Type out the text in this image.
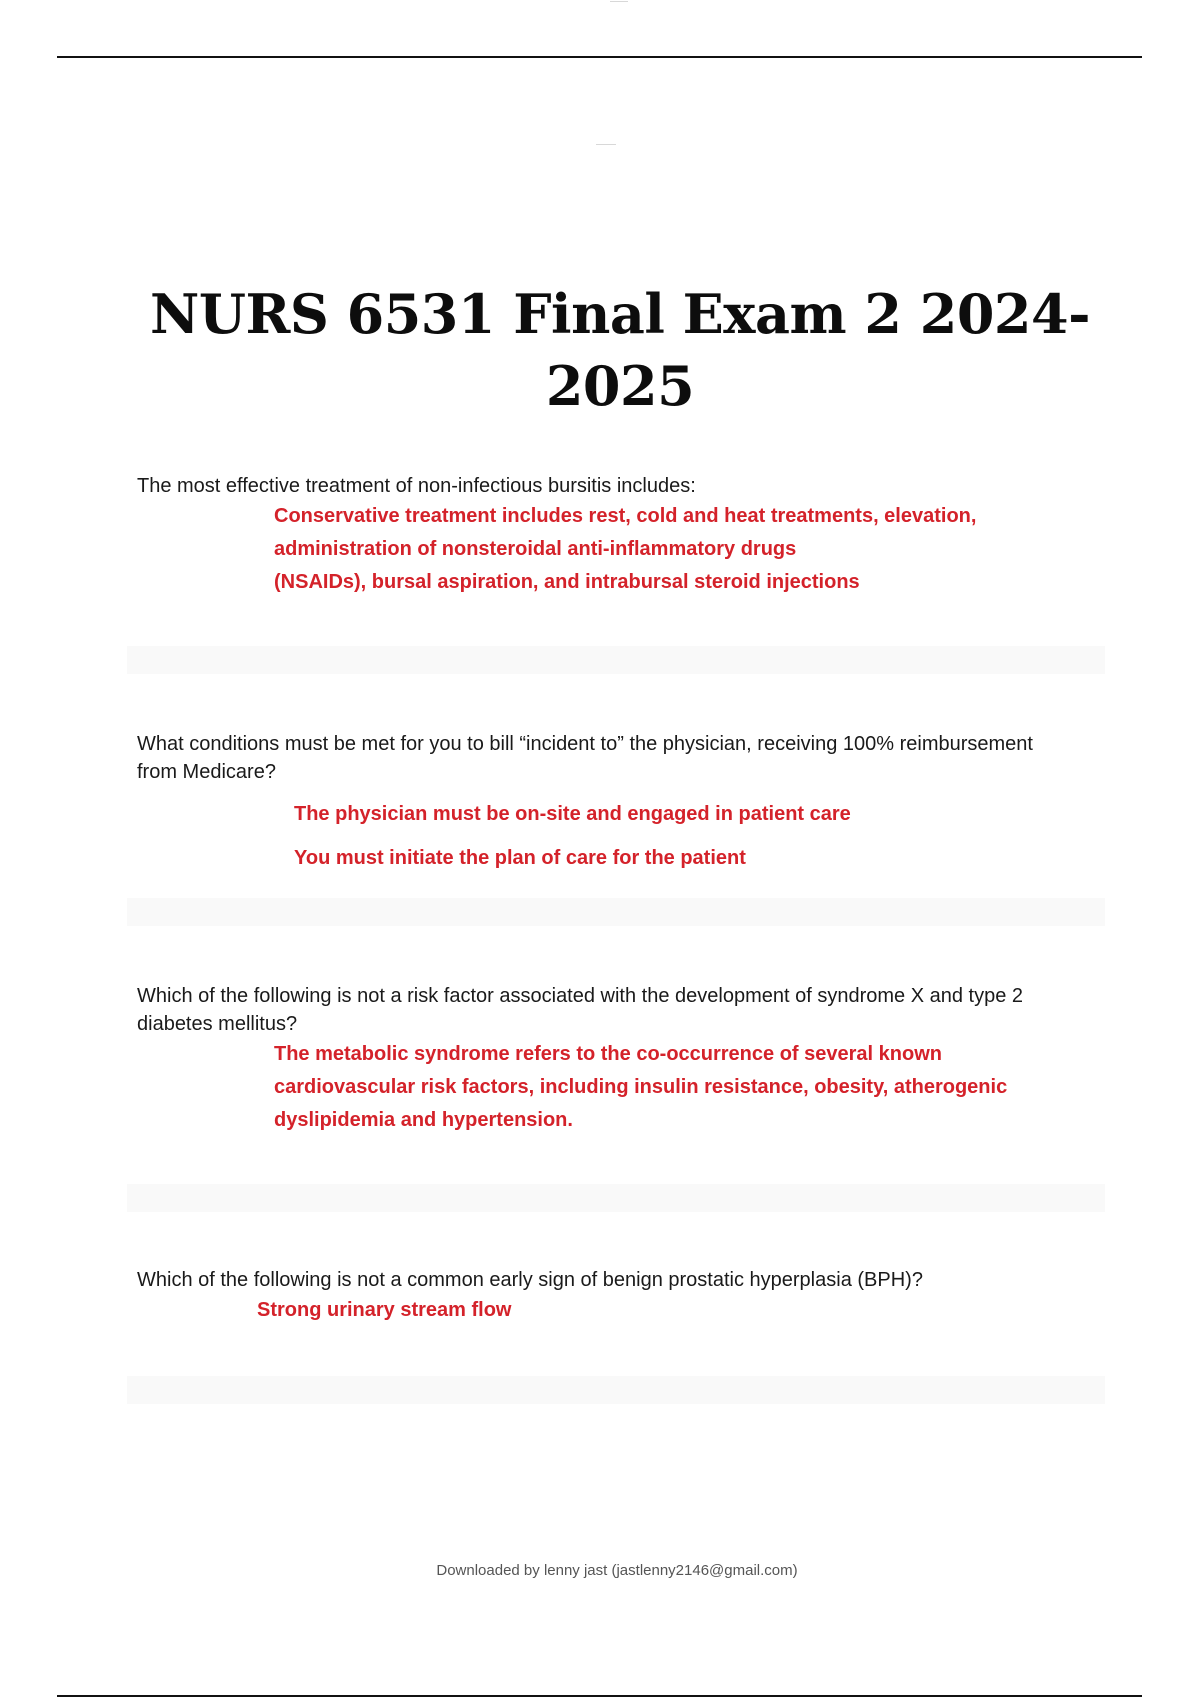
NURS 6531 Final Exam 2 2024-
2025

The most effective treatment of non-infectious bursitis includes:

Conservative treatment includes rest, cold and heat treatments, elevation,
administration of nonsteroidal anti-inflammatory drugs
(NSAIDs), bursal aspiration, and intrabursal steroid injections

What conditions must be met for you to bill “incident to” the physician, receiving 100% reimbursement from Medicare?

The physician must be on-site and engaged in patient care
You must initiate the plan of care for the patient

Which of the following is not a risk factor associated with the development of syndrome X and type 2 diabetes mellitus?

The metabolic syndrome refers to the co-occurrence of several known
cardiovascular risk factors, including insulin resistance, obesity, atherogenic
dyslipidemia and hypertension.

Which of the following is not a common early sign of benign prostatic hyperplasia (BPH)?

Strong urinary stream flow
Downloaded by lenny jast (jastlenny2146@gmail.com)
